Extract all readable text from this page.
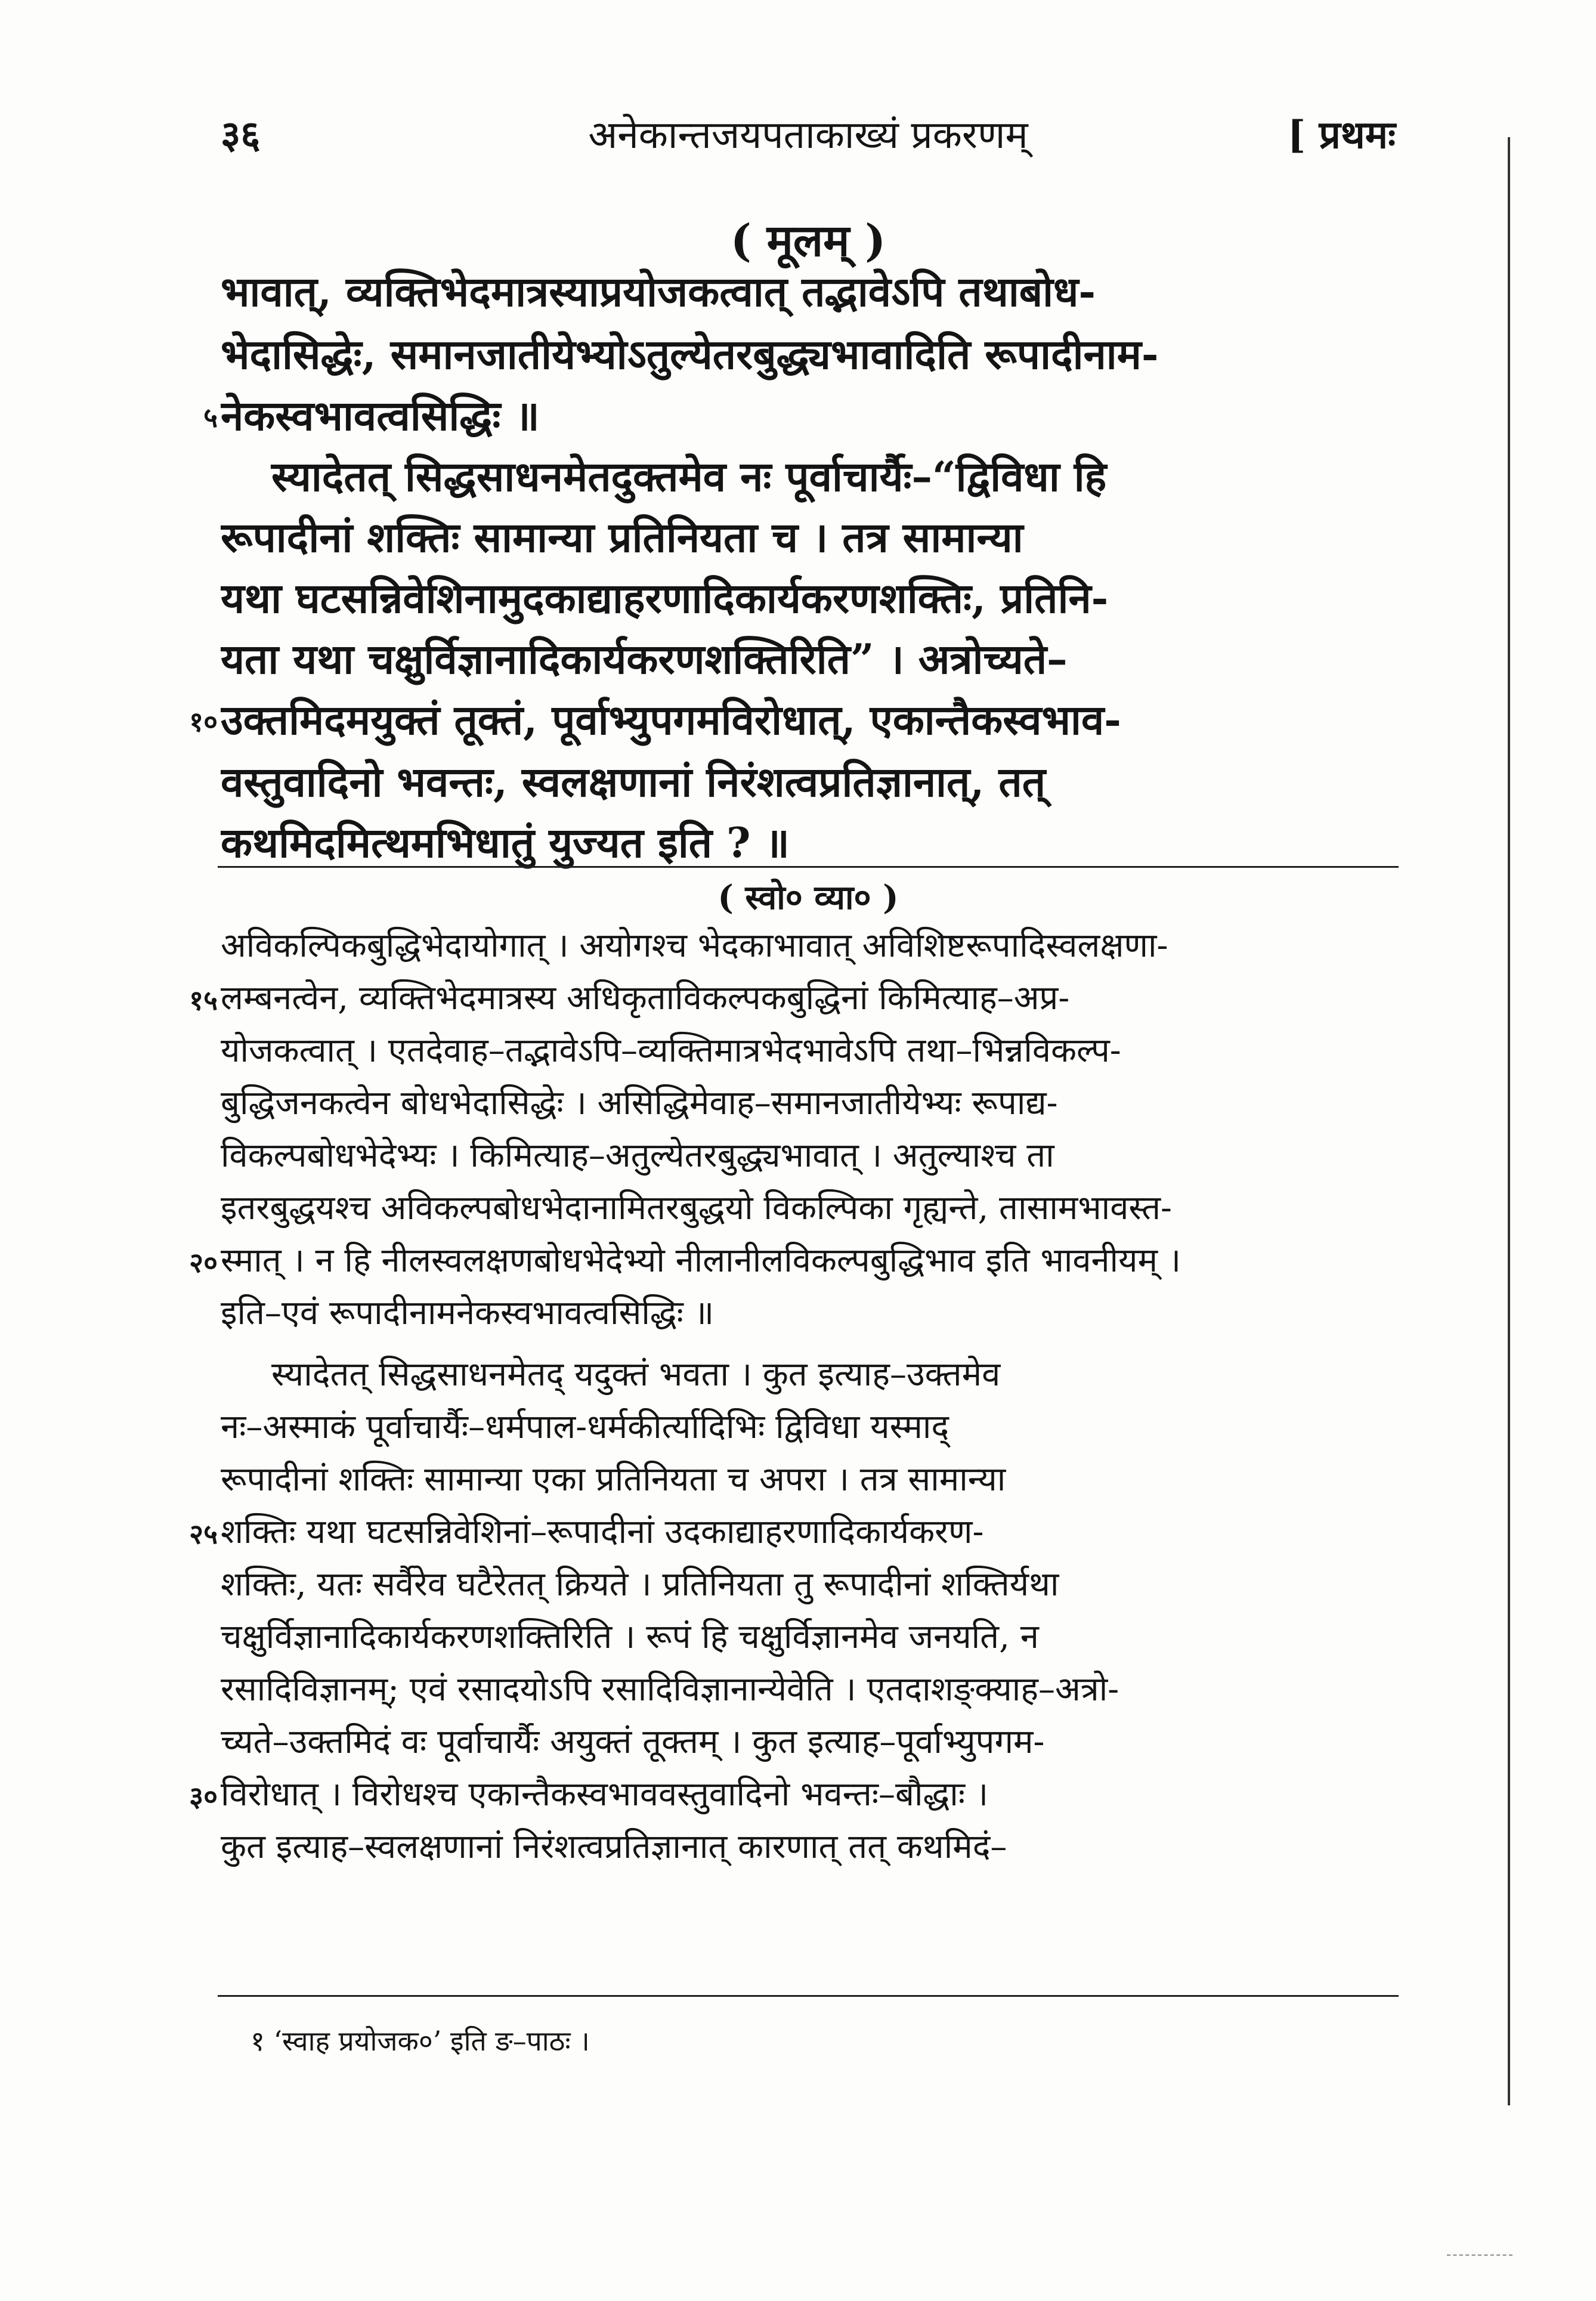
३६	अनेकान्तजयपताकाख्यं प्रकरणम्	[ प्रथमः
( मूलम् )
भावात्, व्यक्तिभेदमात्रस्याप्रयोजकत्वात् तद्भावेऽपि तथाबोध-
भेदासिद्धेः, समानजातीयेभ्योऽतुल्येतरबुद्ध्यभावादिति रूपादीनाम-
नेकस्वभावत्वसिद्धिः ॥
स्यादेतत् सिद्धसाधनमेतदुक्तमेव नः पूर्वाचार्यैः–“द्विविधा हि
रूपादीनां शक्तिः सामान्या प्रतिनियता च । तत्र सामान्या
यथा घटसन्निवेशिनामुदकाद्याहरणादिकार्यकरणशक्तिः, प्रतिनि-
यता यथा चक्षुर्विज्ञानादिकार्यकरणशक्तिरिति” । अत्रोच्यते–
उक्तमिदमयुक्तं तूक्तं, पूर्वाभ्युपगमविरोधात्, एकान्तैकस्वभाव-
वस्तुवादिनो भवन्तः, स्वलक्षणानां निरंशत्वप्रतिज्ञानात्, तत्
कथमिदमित्थमभिधातुं युज्यत इति ? ॥
५
१०
( स्वो० व्या० )
अविकल्पिकबुद्धिभेदायोगात् । अयोगश्च भेदकाभावात् अविशिष्टरूपादिस्वलक्षणा-
लम्बनत्वेन, व्यक्तिभेदमात्रस्य अधिकृताविकल्पकबुद्धिनां किमित्याह–अप्र-
योजकत्वात् । एतदेवाह–तद्भावेऽपि–व्यक्तिमात्रभेदभावेऽपि तथा–भिन्नविकल्प-
बुद्धिजनकत्वेन बोधभेदासिद्धेः । असिद्धिमेवाह–समानजातीयेभ्यः रूपाद्य-
विकल्पबोधभेदेभ्यः । किमित्याह–अतुल्येतरबुद्ध्यभावात् । अतुल्याश्च ता
इतरबुद्धयश्च अविकल्पबोधभेदानामितरबुद्धयो विकल्पिका गृह्यन्ते, तासामभावस्त-
स्मात् । न हि नीलस्वलक्षणबोधभेदेभ्यो नीलानीलविकल्पबुद्धिभाव इति भावनीयम् ।
इति–एवं रूपादीनामनेकस्वभावत्वसिद्धिः ॥
स्यादेतत् सिद्धसाधनमेतद् यदुक्तं भवता । कुत इत्याह–उक्तमेव
नः–अस्माकं पूर्वाचार्यैः–धर्मपाल-धर्मकीर्त्यादिभिः द्विविधा यस्माद्
रूपादीनां शक्तिः सामान्या एका प्रतिनियता च अपरा । तत्र सामान्या
शक्तिः यथा घटसन्निवेशिनां–रूपादीनां उदकाद्याहरणादिकार्यकरण-
शक्तिः, यतः सर्वैरेव घटैरेतत् क्रियते । प्रतिनियता तु रूपादीनां शक्तिर्यथा
चक्षुर्विज्ञानादिकार्यकरणशक्तिरिति । रूपं हि चक्षुर्विज्ञानमेव जनयति, न
रसादिविज्ञानम्; एवं रसादयोऽपि रसादिविज्ञानान्येवेति । एतदाशङ्क्याह–अत्रो-
च्यते–उक्तमिदं वः पूर्वाचार्यैः अयुक्तं तूक्तम् । कुत इत्याह–पूर्वाभ्युपगम-
विरोधात् । विरोधश्च एकान्तैकस्वभाववस्तुवादिनो भवन्तः–बौद्धाः ।
कुत इत्याह–स्वलक्षणानां निरंशत्वप्रतिज्ञानात् कारणात् तत् कथमिदं–
१५
२०
२५
३०
१ ‘स्वाह प्रयोजक०’ इति ङ–पाठः ।
